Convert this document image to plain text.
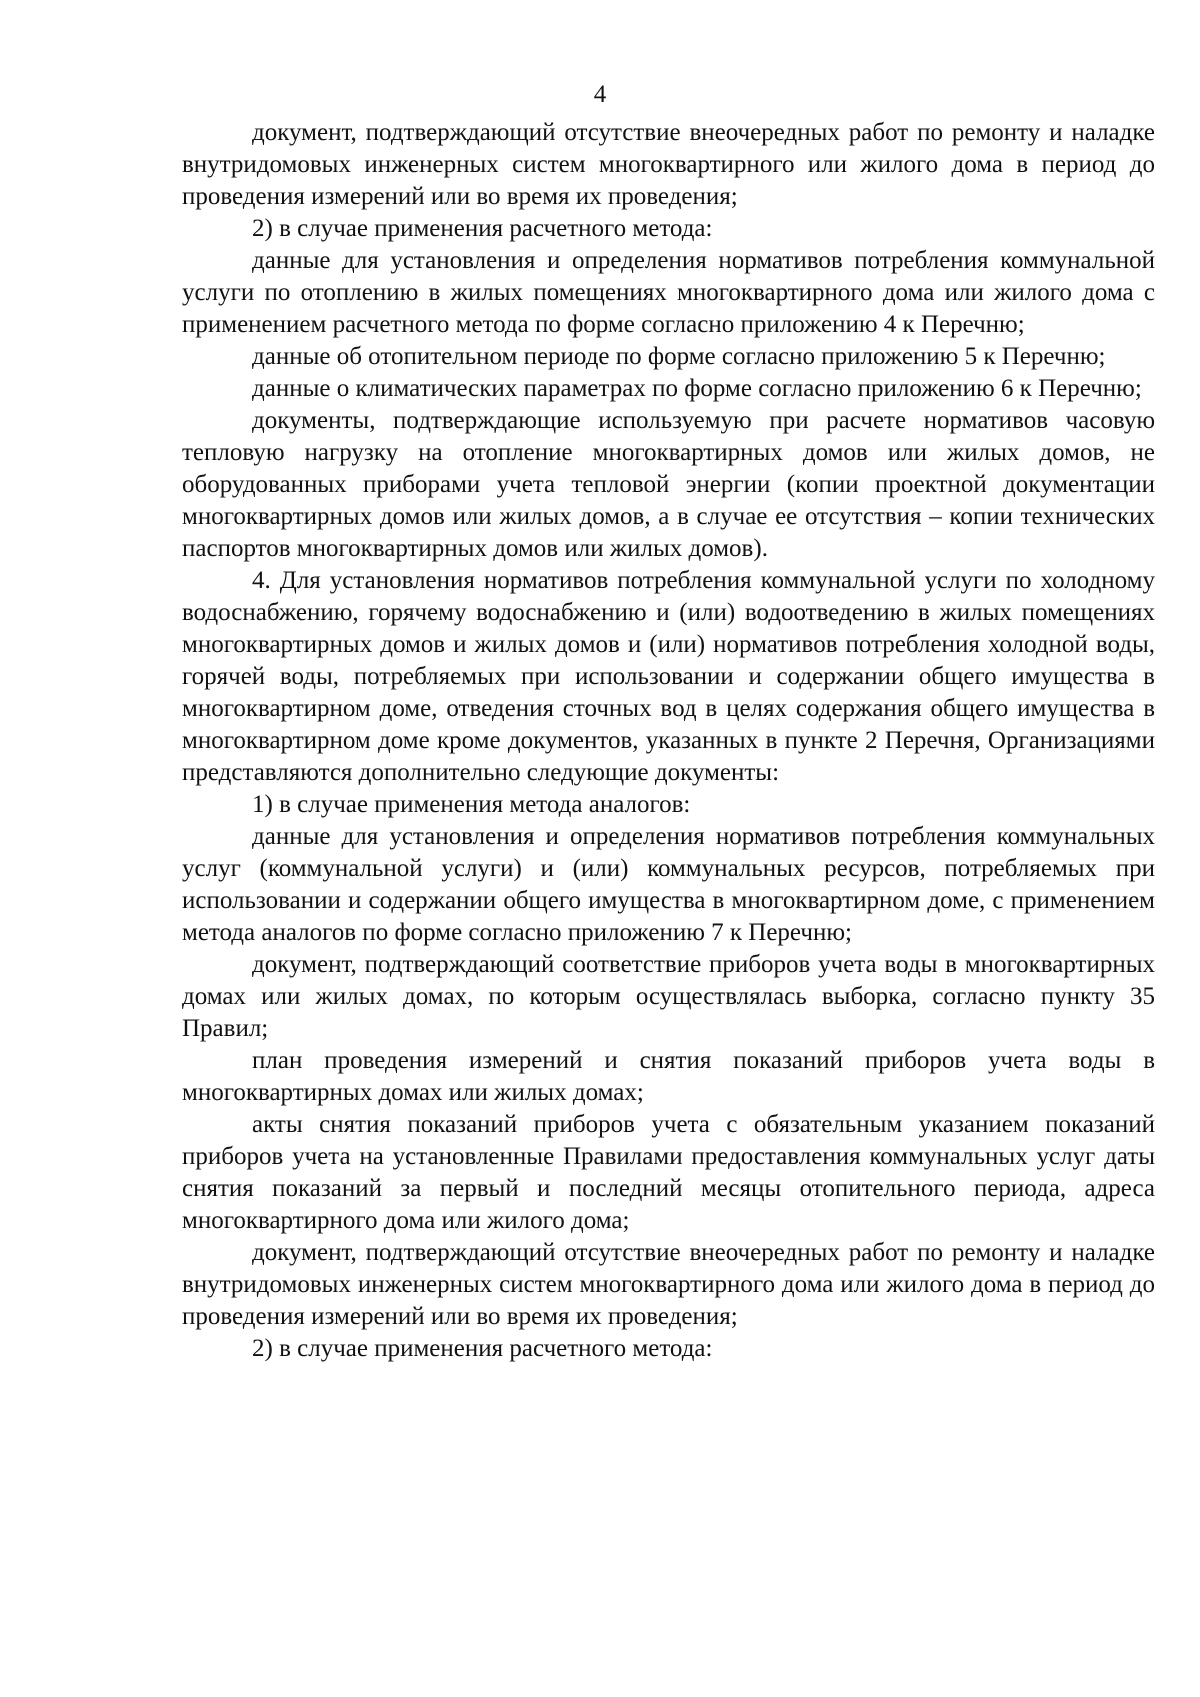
4

документ, подтверждающий отсутствие внеочередных работ по ремонту и наладке внутридомовых инженерных систем многоквартирного или жилого дома в период до проведения измерений или во время их проведения;

2) в случае применения расчетного метода:

данные для установления и определения нормативов потребления коммунальной услуги по отоплению в жилых помещениях многоквартирного дома или жилого дома с применением расчетного метода по форме согласно приложению 4 к Перечню;

данные об отопительном периоде по форме согласно приложению 5 к Перечню;

данные о климатических параметрах по форме согласно приложению 6 к Перечню;

документы, подтверждающие используемую при расчете нормативов часовую тепловую нагрузку на отопление многоквартирных домов или жилых домов, не оборудованных приборами учета тепловой энергии (копии проектной документации многоквартирных домов или жилых домов, а в случае ее отсутствия – копии технических паспортов многоквартирных домов или жилых домов).

4. Для установления нормативов потребления коммунальной услуги по холодному водоснабжению, горячему водоснабжению и (или) водоотведению в жилых помещениях многоквартирных домов и жилых домов и (или) нормативов потребления холодной воды, горячей воды, потребляемых при использовании и содержании общего имущества в многоквартирном доме, отведения сточных вод в целях содержания общего имущества в многоквартирном доме кроме документов, указанных в пункте 2 Перечня, Организациями представляются дополнительно следующие документы:

1) в случае применения метода аналогов:

данные для установления и определения нормативов потребления коммунальных услуг (коммунальной услуги) и (или) коммунальных ресурсов, потребляемых при использовании и содержании общего имущества в многоквартирном доме, с применением метода аналогов по форме согласно приложению 7 к Перечню;

документ, подтверждающий соответствие приборов учета воды в многоквартирных домах или жилых домах, по которым осуществлялась выборка, согласно пункту 35 Правил;

план проведения измерений и снятия показаний приборов учета воды в многоквартирных домах или жилых домах;

акты снятия показаний приборов учета с обязательным указанием показаний приборов учета на установленные Правилами предоставления коммунальных услуг даты снятия показаний за первый и последний месяцы отопительного периода, адреса многоквартирного дома или жилого дома;

документ, подтверждающий отсутствие внеочередных работ по ремонту и наладке внутридомовых инженерных систем многоквартирного дома или жилого дома в период до проведения измерений или во время их проведения;

2) в случае применения расчетного метода:
